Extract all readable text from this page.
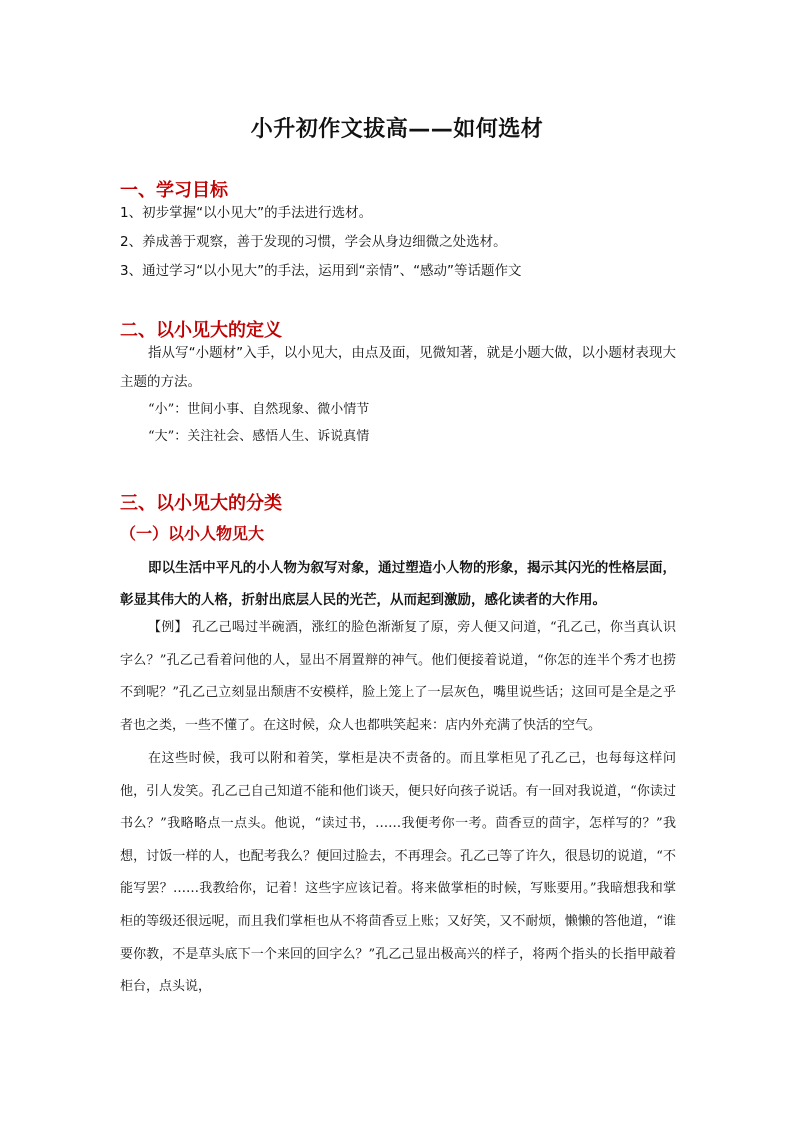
小升初作文拔高——如何选材
一、学习目标
1、初步掌握“以小见大”的手法进行选材。
2、养成善于观察，善于发现的习惯，学会从身边细微之处选材。
3、通过学习“以小见大”的手法，运用到“亲情”、“感动”等话题作文
二、以小见大的定义
指从写“小题材”入手，以小见大，由点及面，见微知著，就是小题大做，以小题材表现大主题的方法。
“小”：世间小事、自然现象、微小情节
“大”：关注社会、感悟人生、诉说真情
三、以小见大的分类
（一）以小人物见大
即以生活中平凡的小人物为叙写对象，通过塑造小人物的形象，揭示其闪光的性格层面，彰显其伟大的人格，折射出底层人民的光芒，从而起到激励，感化读者的大作用。
【例】 孔乙己喝过半碗酒，涨红的脸色渐渐复了原，旁人便又问道，“孔乙己，你当真认识字么？”孔乙己看着问他的人，显出不屑置辩的神气。他们便接着说道，“你怎的连半个秀才也捞不到呢？”孔乙己立刻显出颓唐不安模样，脸上笼上了一层灰色，嘴里说些话；这回可是全是之乎者也之类，一些不懂了。在这时候，众人也都哄笑起来：店内外充满了快活的空气。
在这些时候，我可以附和着笑，掌柜是决不责备的。而且掌柜见了孔乙己，也每每这样问他，引人发笑。孔乙己自己知道不能和他们谈天，便只好向孩子说话。有一回对我说道，“你读过书么？”我略略点一点头。他说，“读过书，……我便考你一考。茴香豆的茴字，怎样写的？”我想，讨饭一样的人，也配考我么？便回过脸去，不再理会。孔乙己等了许久，很恳切的说道，“不能写罢？……我教给你，记着！这些字应该记着。将来做掌柜的时候，写账要用。”我暗想我和掌柜的等级还很远呢，而且我们掌柜也从不将茴香豆上账；又好笑，又不耐烦，懒懒的答他道，“谁要你教，不是草头底下一个来回的回字么？”孔乙己显出极高兴的样子，将两个指头的长指甲敲着柜台，点头说，
